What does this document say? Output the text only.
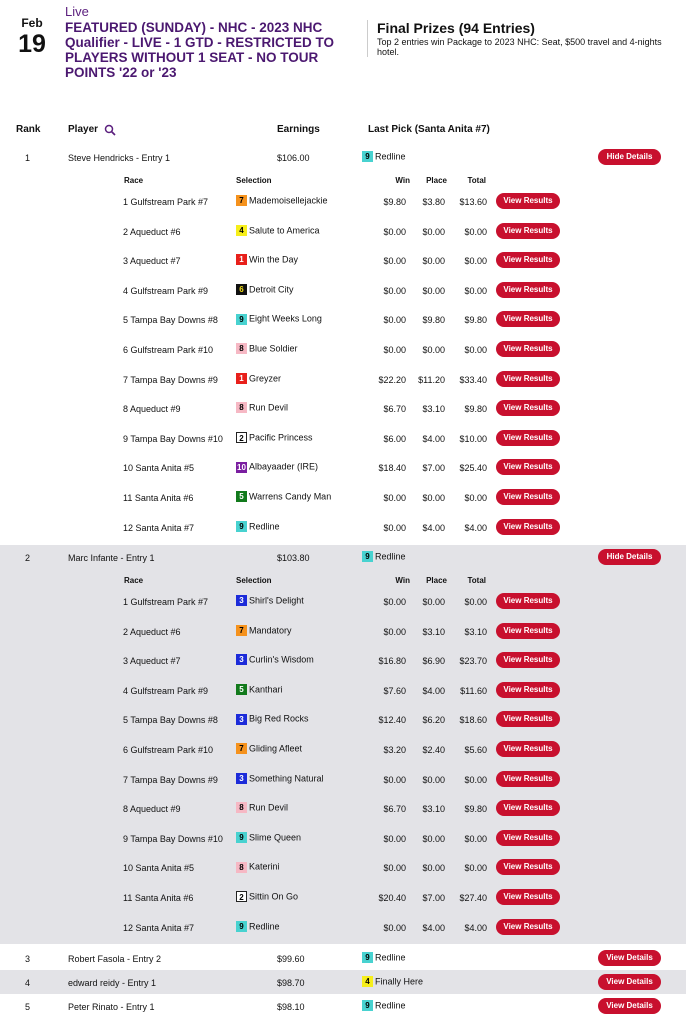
Feb
19
Live
FEATURED (SUNDAY) - NHC - 2023 NHC Qualifier - LIVE - 1 GTD - RESTRICTED TO PLAYERS WITHOUT 1 SEAT - NO TOUR POINTS '22 or '23
Final Prizes (94 Entries)
Top 2 entries win Package to 2023 NHC: Seat, $500 travel and 4-nights hotel.
Rank	Player	Earnings	Last Pick (Santa Anita #7)
1	Steve Hendricks - Entry 1	$106.00	9 Redline	Hide Details
Race	Selection	Win	Place	Total
1 Gulfstream Park #7	7 Mademoisellejackie	$9.80	$3.80	$13.60	View Results
2 Aqueduct #6	4 Salute to America	$0.00	$0.00	$0.00	View Results
3 Aqueduct #7	1 Win the Day	$0.00	$0.00	$0.00	View Results
4 Gulfstream Park #9	6 Detroit City	$0.00	$0.00	$0.00	View Results
5 Tampa Bay Downs #8	9 Eight Weeks Long	$0.00	$9.80	$9.80	View Results
6 Gulfstream Park #10	8 Blue Soldier	$0.00	$0.00	$0.00	View Results
7 Tampa Bay Downs #9	1 Greyzer	$22.20	$11.20	$33.40	View Results
8 Aqueduct #9	8 Run Devil	$6.70	$3.10	$9.80	View Results
9 Tampa Bay Downs #10	2 Pacific Princess	$6.00	$4.00	$10.00	View Results
10 Santa Anita #5	10 Albayaader (IRE)	$18.40	$7.00	$25.40	View Results
11 Santa Anita #6	5 Warrens Candy Man	$0.00	$0.00	$0.00	View Results
12 Santa Anita #7	9 Redline	$0.00	$4.00	$4.00	View Results
2	Marc Infante - Entry 1	$103.80	9 Redline	Hide Details
Race	Selection	Win	Place	Total
1 Gulfstream Park #7	3 Shirl's Delight	$0.00	$0.00	$0.00	View Results
2 Aqueduct #6	7 Mandatory	$0.00	$3.10	$3.10	View Results
3 Aqueduct #7	3 Curlin's Wisdom	$16.80	$6.90	$23.70	View Results
4 Gulfstream Park #9	5 Kanthari	$7.60	$4.00	$11.60	View Results
5 Tampa Bay Downs #8	3 Big Red Rocks	$12.40	$6.20	$18.60	View Results
6 Gulfstream Park #10	7 Gliding Afleet	$3.20	$2.40	$5.60	View Results
7 Tampa Bay Downs #9	3 Something Natural	$0.00	$0.00	$0.00	View Results
8 Aqueduct #9	8 Run Devil	$6.70	$3.10	$9.80	View Results
9 Tampa Bay Downs #10	9 Slime Queen	$0.00	$0.00	$0.00	View Results
10 Santa Anita #5	8 Katerini	$0.00	$0.00	$0.00	View Results
11 Santa Anita #6	2 Sittin On Go	$20.40	$7.00	$27.40	View Results
12 Santa Anita #7	9 Redline	$0.00	$4.00	$4.00	View Results
3	Robert Fasola - Entry 2	$99.60	9 Redline	View Details
4	edward reidy - Entry 1	$98.70	4 Finally Here	View Details
5	Peter Rinato - Entry 1	$98.10	9 Redline	View Details
